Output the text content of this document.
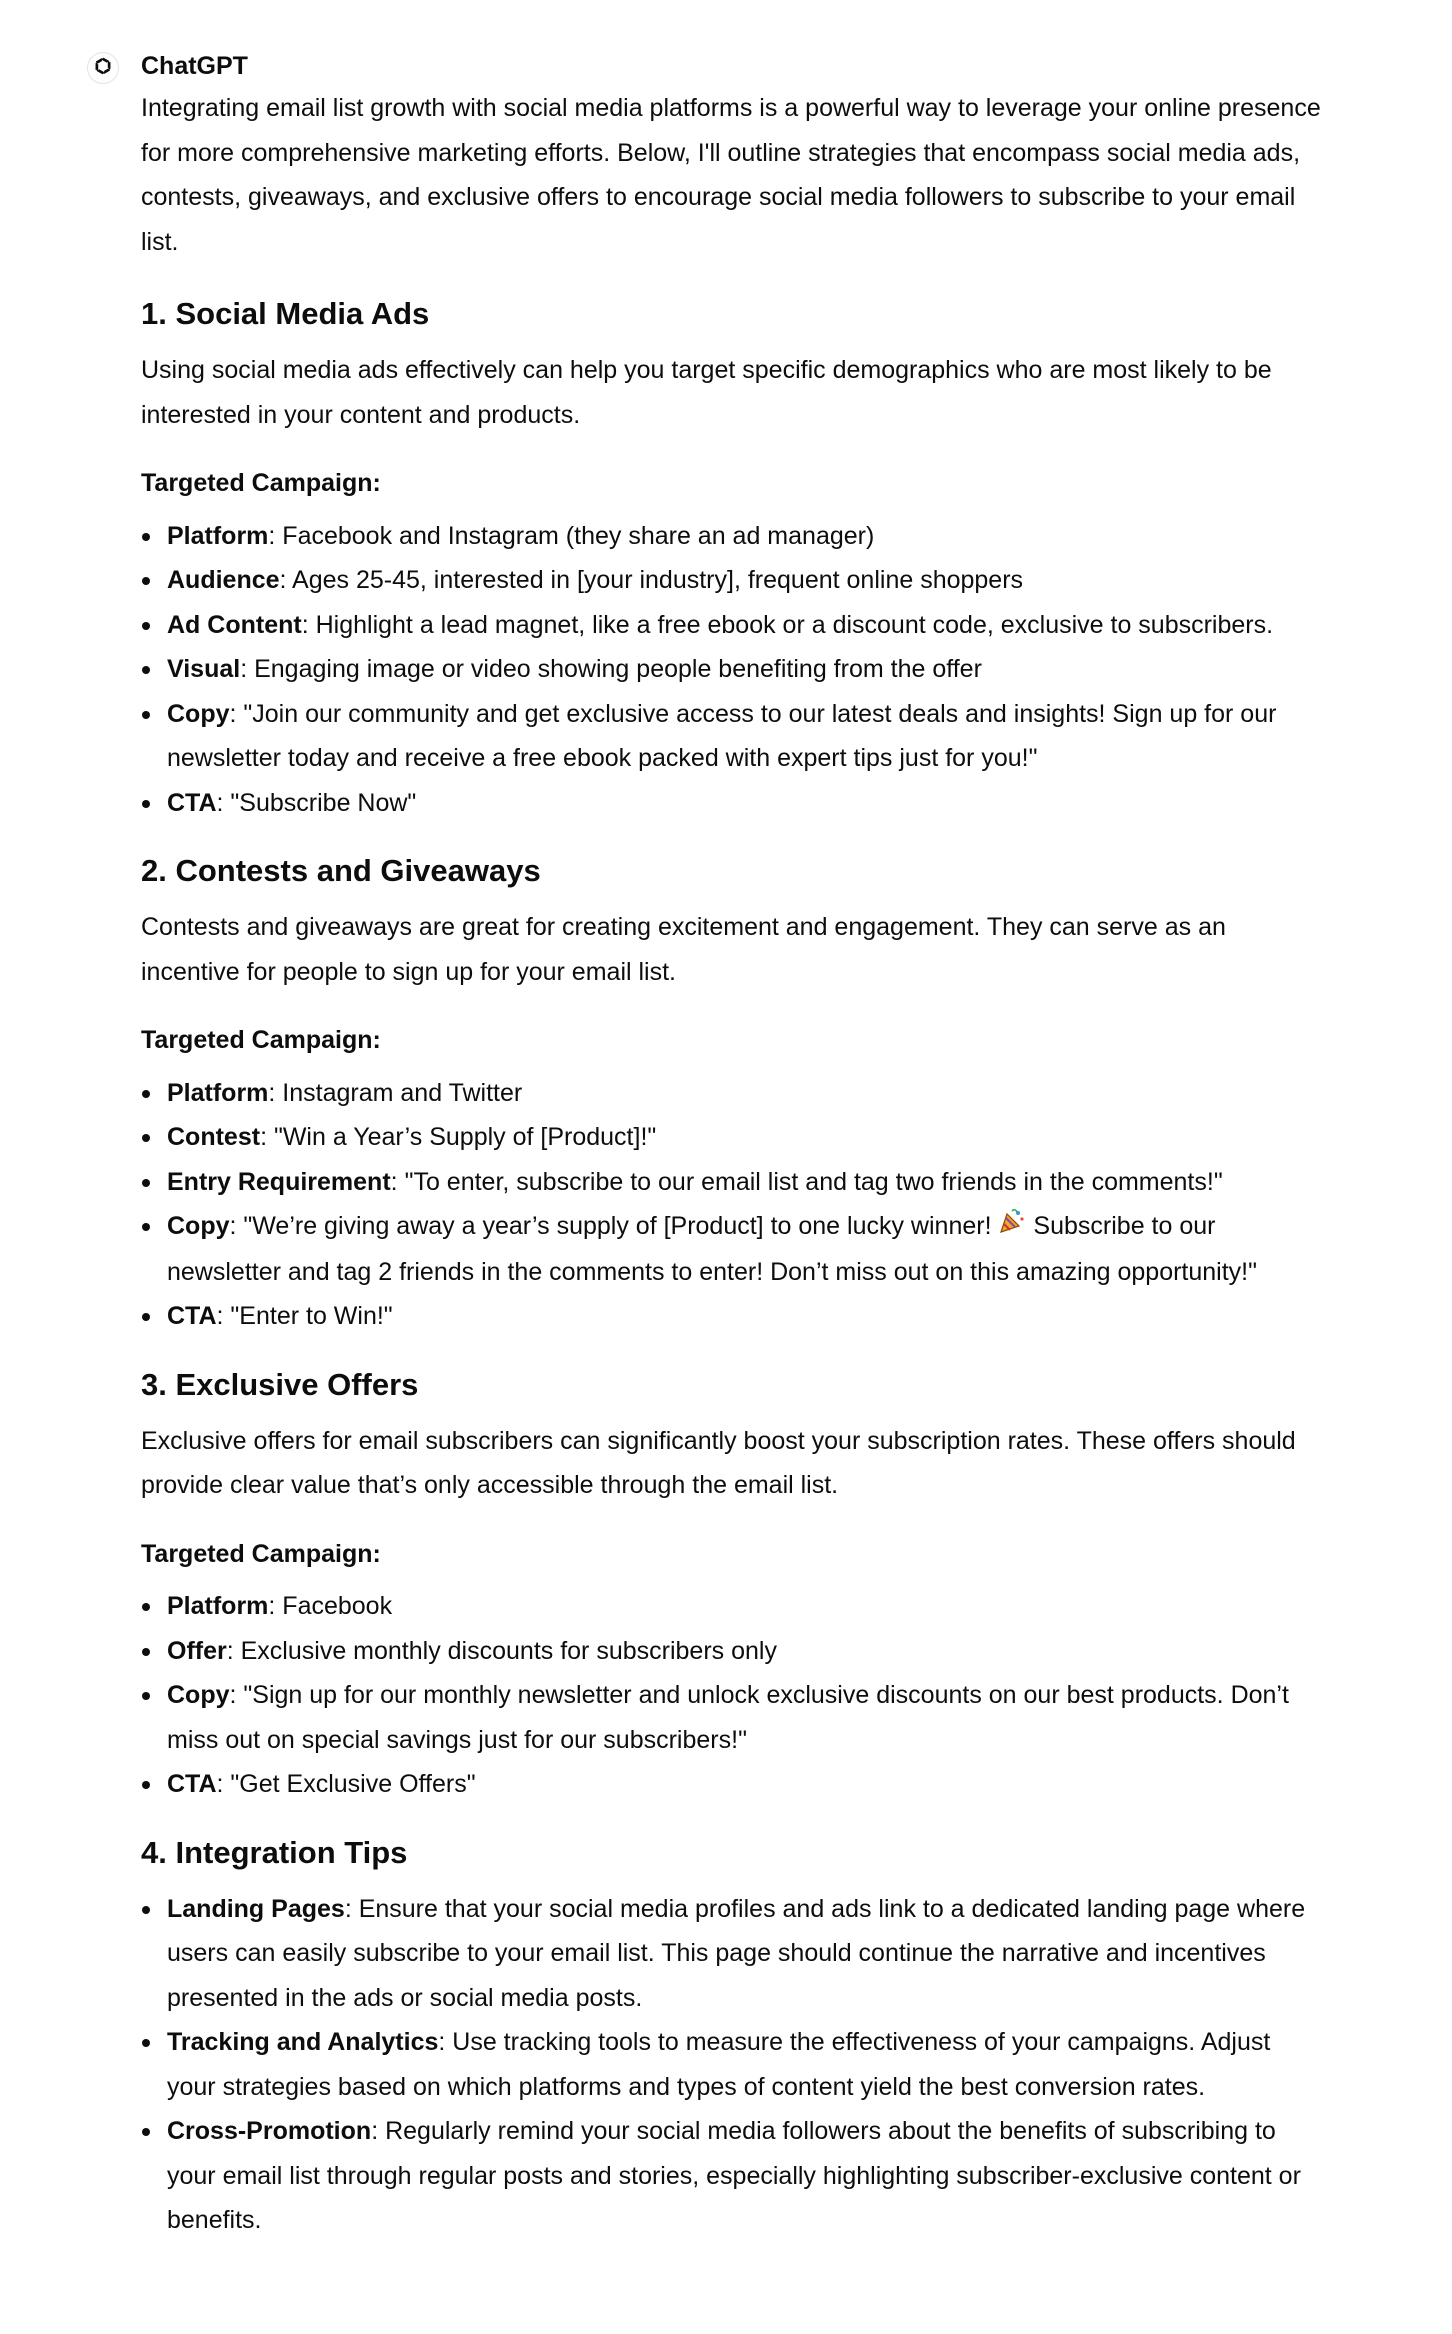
ChatGPT

Integrating email list growth with social media platforms is a powerful way to leverage your online presence for more comprehensive marketing efforts. Below, I'll outline strategies that encompass social media ads, contests, giveaways, and exclusive offers to encourage social media followers to subscribe to your email list.

1. Social Media Ads

Using social media ads effectively can help you target specific demographics who are most likely to be interested in your content and products.

Targeted Campaign:

Platform: Facebook and Instagram (they share an ad manager)
Audience: Ages 25-45, interested in [your industry], frequent online shoppers
Ad Content: Highlight a lead magnet, like a free ebook or a discount code, exclusive to subscribers.
Visual: Engaging image or video showing people benefiting from the offer
Copy: "Join our community and get exclusive access to our latest deals and insights! Sign up for our newsletter today and receive a free ebook packed with expert tips just for you!"
CTA: "Subscribe Now"
2. Contests and Giveaways

Contests and giveaways are great for creating excitement and engagement. They can serve as an incentive for people to sign up for your email list.

Targeted Campaign:

Platform: Instagram and Twitter
Contest: "Win a Year’s Supply of [Product]!"
Entry Requirement: "To enter, subscribe to our email list and tag two friends in the comments!"
Copy: "We’re giving away a year’s supply of [Product] to one lucky winner!  Subscribe to our newsletter and tag 2 friends in the comments to enter! Don’t miss out on this amazing opportunity!"
CTA: "Enter to Win!"
3. Exclusive Offers

Exclusive offers for email subscribers can significantly boost your subscription rates. These offers should provide clear value that’s only accessible through the email list.

Targeted Campaign:

Platform: Facebook
Offer: Exclusive monthly discounts for subscribers only
Copy: "Sign up for our monthly newsletter and unlock exclusive discounts on our best products. Don’t miss out on special savings just for our subscribers!"
CTA: "Get Exclusive Offers"
4. Integration Tips
Landing Pages: Ensure that your social media profiles and ads link to a dedicated landing page where users can easily subscribe to your email list. This page should continue the narrative and incentives presented in the ads or social media posts.
Tracking and Analytics: Use tracking tools to measure the effectiveness of your campaigns. Adjust your strategies based on which platforms and types of content yield the best conversion rates.
Cross-Promotion: Regularly remind your social media followers about the benefits of subscribing to your email list through regular posts and stories, especially highlighting subscriber-exclusive content or benefits.
